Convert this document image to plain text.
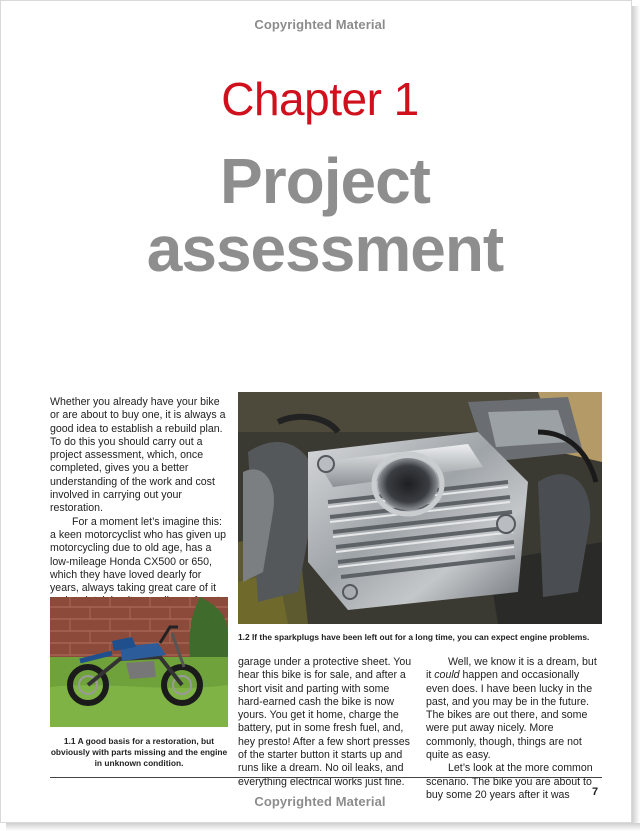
Copyrighted Material
Chapter 1
Project
assessment

Whether you already have your bike or are about to buy one, it is always a good idea to establish a rebuild plan. To do this you should carry out a project assessment, which, once completed, gives you a better understanding of the work and cost involved in carrying out your restoration.

For a moment let’s imagine this: a keen motorcyclist who has given up motorcycling due to old age, has a low-mileage Honda CX500 or 650, which they have loved dearly for years, always taking great care of it

1.2 If the sparkplugs have been left out for a long time, you can expect engine problems.
1.1 A good basis for a restoration, but obviously with parts missing and the engine in unknown condition.

garage under a protective sheet. You hear this bike is for sale, and after a short visit and parting with some hard-earned cash the bike is now yours. You get it home, charge the battery, put in some fresh fuel, and, hey presto! After a few short presses of the starter button it starts up and runs like a dream. No oil leaks, and everything electrical works just fine.

Well, we know it is a dream, but it could happen and occasionally even does. I have been lucky in the past, and you may be in the future. The bikes are out there, and some were put away nicely. More commonly, though, things are not quite as easy.

Let’s look at the more common scenario. The bike you are about to buy some 20 years after it was	7
Copyrighted Material
